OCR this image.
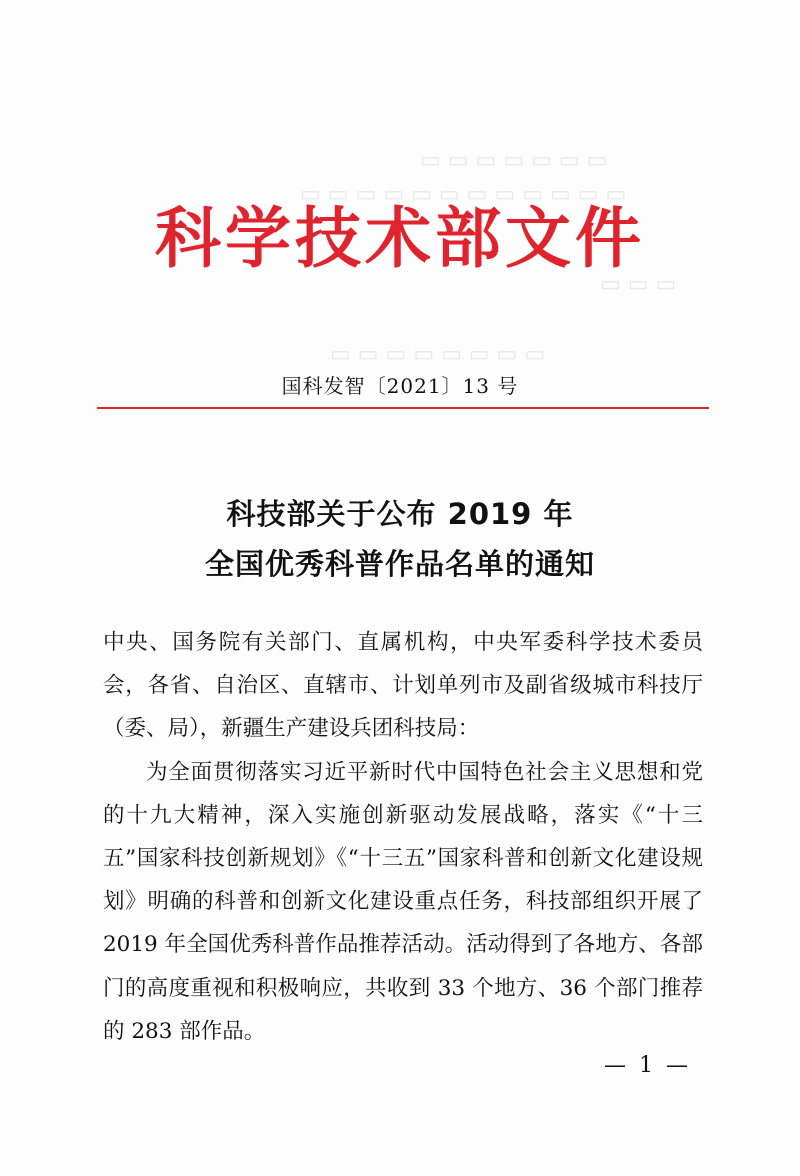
▭ ▭ ▭ ▭ ▭ ▭ ▭
▭ ▭ ▭ ▭ ▭ ▭ ▭ ▭ ▭ ▭ ▭ ▭
▭ ▭ ▭
▭ ▭ ▭ ▭ ▭ ▭ ▭ ▭
科学技术部文件
国科发智〔2021〕13 号
科技部关于公布 2019 年
全国优秀科普作品名单的通知

中央、国务院有关部门、直属机构，中央军委科学技术委员会，各省、自治区、直辖市、计划单列市及副省级城市科技厅（委、局），新疆生产建设兵团科技局：

为全面贯彻落实习近平新时代中国特色社会主义思想和党的十九大精神，深入实施创新驱动发展战略，落实《“十三五”国家科技创新规划》《“十三五”国家科普和创新文化建设规划》明确的科普和创新文化建设重点任务，科技部组织开展了 2019 年全国优秀科普作品推荐活动。活动得到了各地方、各部门的高度重视和积极响应，共收到 33 个地方、36 个部门推荐的 283 部作品。

— 1 —
